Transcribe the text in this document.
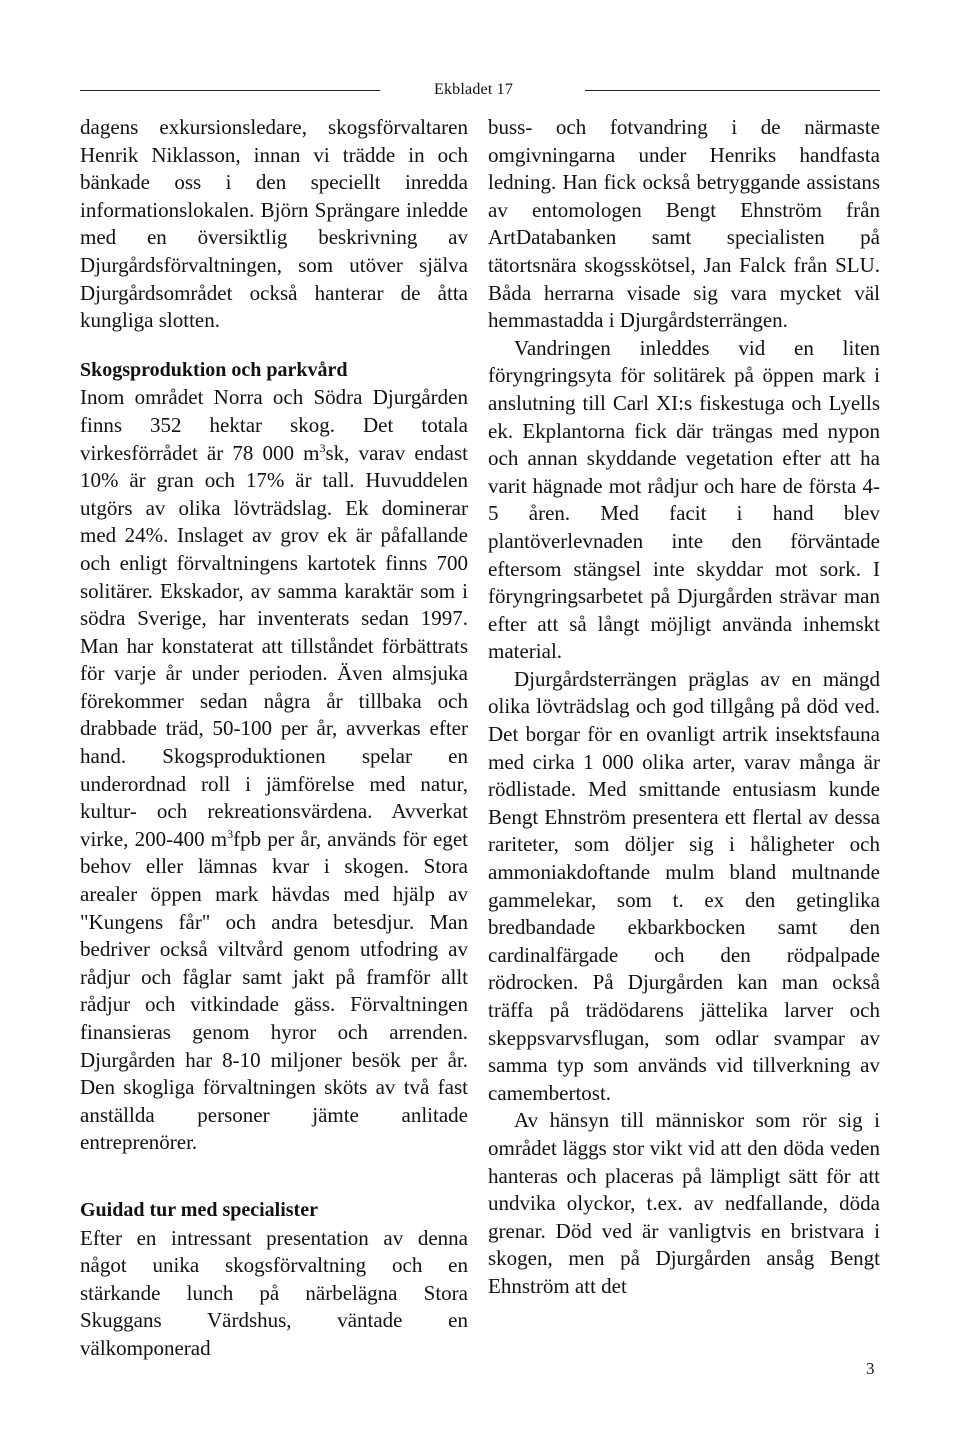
Ekbladet 17

dagens exkursionsledare, skogsförvaltaren Henrik Niklasson, innan vi trädde in och bänkade oss i den speciellt inredda informationslokalen. Björn Sprängare inledde med en översiktlig beskrivning av Djurgårdsförvaltningen, som utöver själva Djurgårdsområdet också hanterar de åtta kungliga slotten.

Skogsproduktion och parkvård

Inom området Norra och Södra Djurgården finns 352 hektar skog. Det totala virkesförrådet är 78 000 $m^3sk$, varav endast 10% är gran och 17% är tall. Huvuddelen utgörs av olika lövträdslag. Ek dominerar med 24%. Inslaget av grov ek är påfallande och enligt förvaltningens kartotek finns 700 solitärer. Ekskador, av samma karaktär som i södra Sverige, har inventerats sedan 1997. Man har konstaterat att tillståndet förbättrats för varje år under perioden. Även almsjuka förekommer sedan några år tillbaka och drabbade träd, 50-100 per år, avverkas efter hand. Skogsproduktionen spelar en underordnad roll i jämförelse med natur, kultur- och rekreationsvärdena. Avverkat virke, 200-400 $m^3fpb$ per år, används för eget behov eller lämnas kvar i skogen. Stora arealer öppen mark hävdas med hjälp av "Kungens får" och andra betesdjur. Man bedriver också viltvård genom utfodring av rådjur och fåglar samt jakt på framför allt rådjur och vitkindade gäss. Förvaltningen finansieras genom hyror och arrenden. Djurgården har 8-10 miljoner besök per år. Den skogliga förvaltningen sköts av två fast anställda personer jämte anlitade entreprenörer.

Guidad tur med specialister

Efter en intressant presentation av denna något unika skogsförvaltning och en stärkande lunch på närbelägna Stora Skuggans Värdshus, väntade en välkomponerad

buss- och fotvandring i de närmaste omgivningarna under Henriks handfasta ledning. Han fick också betryggande assistans av entomologen Bengt Ehnström från ArtDatabanken samt specialisten på tätortsnära skogsskötsel, Jan Falck från SLU. Båda herrarna visade sig vara mycket väl hemmastadda i Djurgårdsterrängen.

Vandringen inleddes vid en liten föryngringsyta för solitärek på öppen mark i anslutning till Carl XI:s fiskestuga och Lyells ek. Ekplantorna fick där trängas med nypon och annan skyddande vegetation efter att ha varit hägnade mot rådjur och hare de första 4-5 åren. Med facit i hand blev plantöverlevnaden inte den förväntade eftersom stängsel inte skyddar mot sork. I föryngringsarbetet på Djurgården strävar man efter att så långt möjligt använda inhemskt material.

Djurgårdsterrängen präglas av en mängd olika lövträdslag och god tillgång på död ved. Det borgar för en ovanligt artrik insektsfauna med cirka 1 000 olika arter, varav många är rödlistade. Med smittande entusiasm kunde Bengt Ehnström presentera ett flertal av dessa rariteter, som döljer sig i håligheter och ammoniakdoftande mulm bland multnande gammelekar, som t. ex den getinglika bredbandade ekbarkbocken samt den cardinalfärgade och den rödpalpade rödrocken. På Djurgården kan man också träffa på trädödarens jättelika larver och skeppsvarvsflugan, som odlar svampar av samma typ som används vid tillverkning av camembertost.

Av hänsyn till människor som rör sig i området läggs stor vikt vid att den döda veden hanteras och placeras på lämpligt sätt för att undvika olyckor, t.ex. av nedfallande, döda grenar. Död ved är vanligtvis en bristvara i skogen, men på Djurgården ansåg Bengt Ehnström att det

3
